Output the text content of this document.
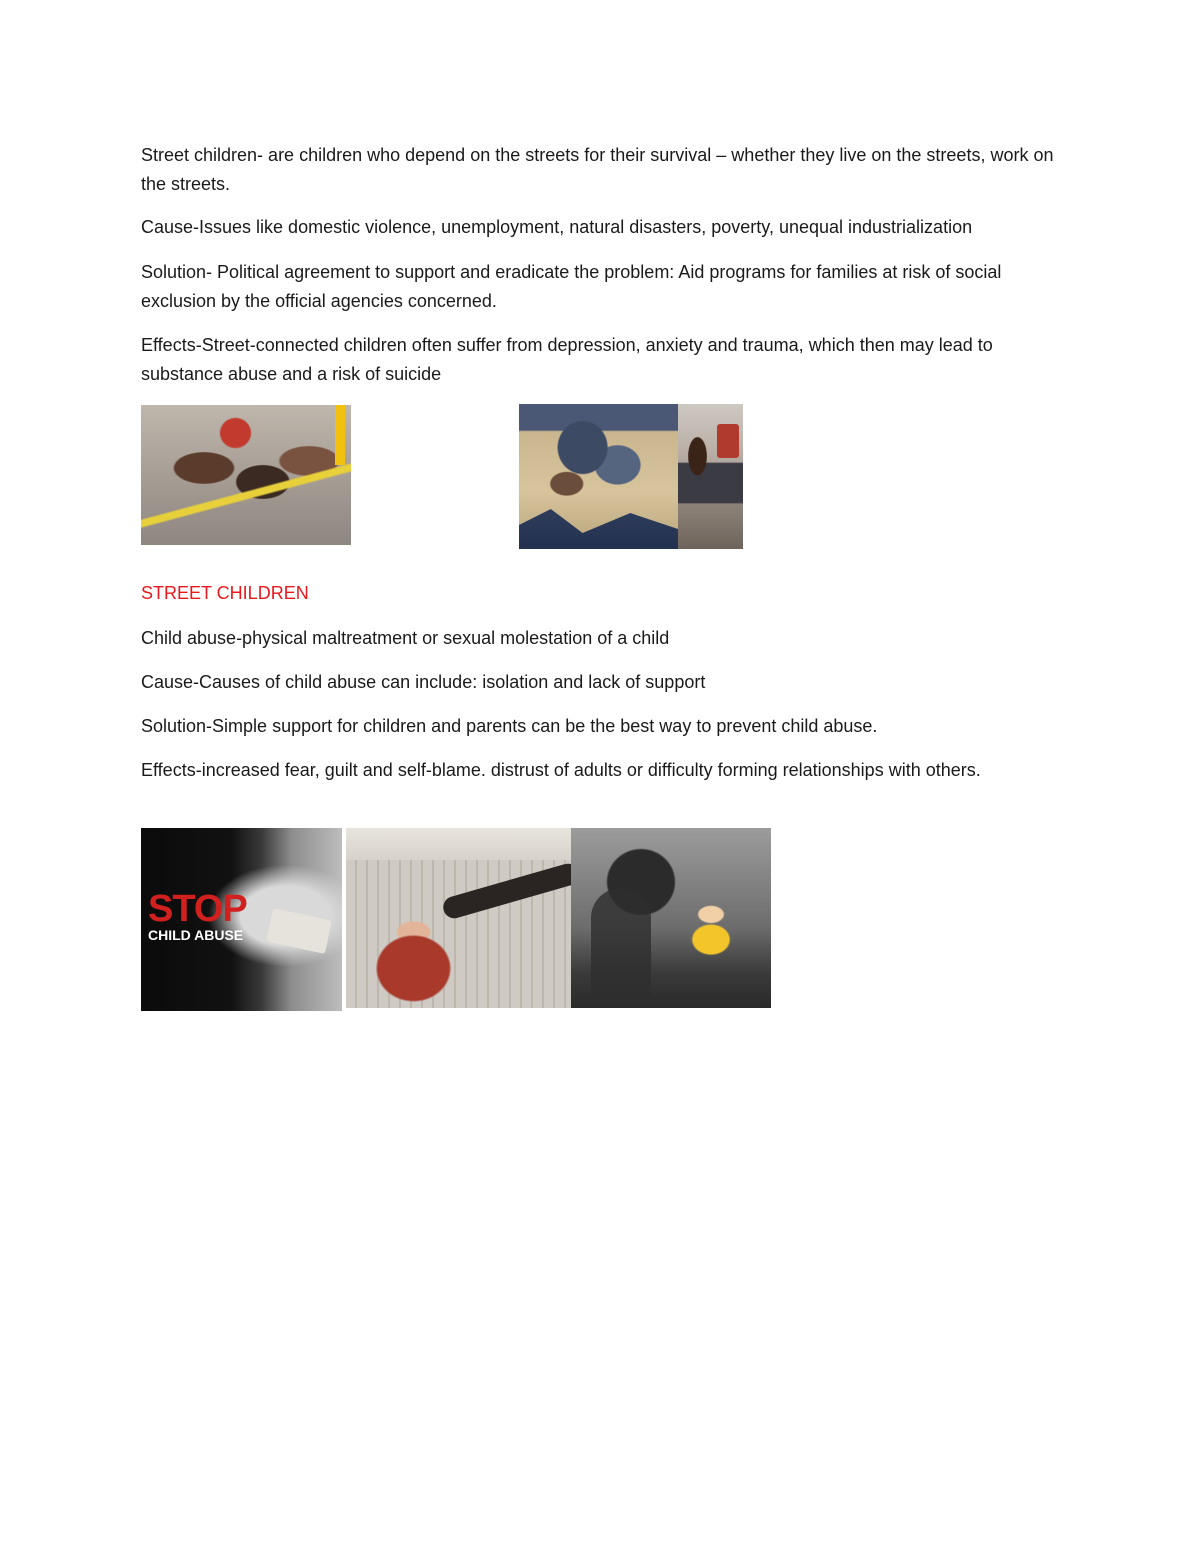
Street children- are children who depend on the streets for their survival – whether they live on the streets, work on the streets.

Cause-Issues like domestic violence, unemployment, natural disasters, poverty, unequal industrialization

Solution- Political agreement to support and eradicate the problem: Aid programs for families at risk of social exclusion by the official agencies concerned.

Effects-Street-connected children often suffer from depression, anxiety and trauma, which then may lead to substance abuse and a risk of suicide

STREET CHILDREN

Child abuse-physical maltreatment or sexual molestation of a child

Cause-Causes of child abuse can include: isolation and lack of support

Solution-Simple support for children and parents can be the best way to prevent child abuse.

Effects-increased fear, guilt and self-blame. distrust of adults or difficulty forming relationships with others.

STOP
CHILD ABUSE
